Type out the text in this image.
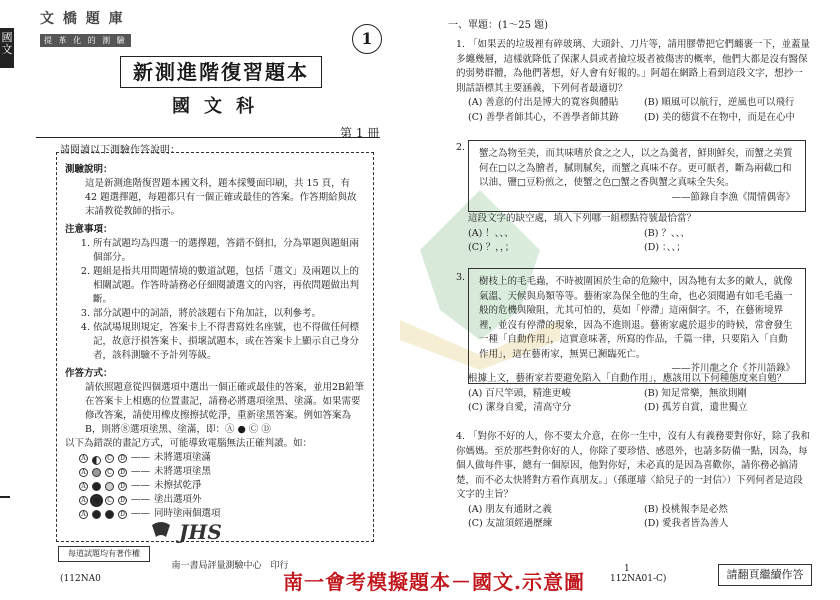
國文
文 橋 題 庫
提 革 化 的 測 驗	1
新測進階復習題本
國文科
第 1 冊
請閱讀以下測驗作答說明：

測驗說明：

這是新測進階復習題本國文科，題本採雙面印刷，共 15 頁，有 42 題選擇題，每題都只有一個正確或最佳的答案。作答期給與故末請教從教師的指示。

注意事項：

1. 所有試題均為四選一的選擇題，答錯不倒扣，分為單題與題組兩個部分。
2. 題組是指共用問題情境的數道試題，包括「選文」及兩題以上的相關試題。作答時請務必仔細閱讀選文的內容，再依問題做出判斷。
3. 部分試題中的詞語，將於該題右下角加註，以利參考。
4. 依試場規則規定，答案卡上不得書寫姓名座號，也不得做任何標記，故意汙損答案卡、損壞試題本，或在答案卡上顯示自己身分者，該科測驗不予計列等級。

作答方式：

請依照題意從四個選項中選出一個正確或最佳的答案，並用2B鉛筆在答案卡上相應的位置畫記，請務必將選項塗黑、塗滿。如果需要修改答案，請使用橡皮擦擦拭乾淨，重新塗黑答案。例如答案為B，則將⑧選項塗黑、塗滿，即：Ⓐ ● Ⓒ Ⓓ

以下為錯誤的畫記方式，可能導致電腦無法正確判讀。如：

A	C	D —— 未將選項塗滿
A	C	D —— 未將選項塗黑
A	D —— 未擦拭乾淨
A	C	D —— 塗出選項外
A	D —— 同時塗兩個選項
JHS
每道試題均有著作權
南一書局評量測驗中心　印行
一、單題：(1～25 題)
1. 「如果丟的垃圾裡有碎玻璃、大頭針、刀片等，請用膠帶把它們纏裹一下，並蓋量多纏幾層，這樣就降低了保潔人員或者撿垃圾者被傷害的概率，他們大都是沒有醫保的弱勢群體，為他們著想，好人會有好報的。」阿超在網路上看到這段文字，想抄一則話語標其主要涵義，下列何者最適切？
(A) 善意的付出是博大的寬容與體貼	(B) 順風可以航行，逆風也可以飛行
(C) 善學者師其心，不善學者師其跡	(D) 美的德賞不在物中，而是在心中
2.
蟹之為物至美，而其味嗜於食之之人，以之為羹者，鮮則鮮矣，而蟹之美質何在□以之為膾者，膩則膩矣，而蟹之真味不存。更可厭者，斷為兩截□和以油、鹽□豆粉煎之，使蟹之色□蟹之香與蟹之真味全失矣。
——節錄自李漁《閒情偶寄》
這段文字的缺空處，填入下列哪一組標點符號最恰當？
(A) ！、、、	(B) ？、、、
(C) ？，，；	(D) ：、、；
3. 樹枝上的毛毛蟲，不時被圍困於生命的危險中，因為牠有太多的敵人，就像氣溫、天候與鳥類等等。藝術家為保全他的生命，也必須閱過有如毛毛蟲一般的危機與險阻，尤其可怕的，莫如「停滯」這兩個字。不，在藝術境界裡，並沒有停滯的現象，因為不進則退。藝術家處於退步的時候，常會發生一種「自動作用」，這實意味著，所寫的作品，千篇一律，只要陷入「自動作用」，這在藝術家，無異已瀕臨死亡。
——芥川龍之介《芥川語錄》
根據上文，藝術家若要避免陷入「自動作用」，應該用以下何種態度來自勉？
(A) 百尺竿頭，精進更峻	(B) 知足常樂，無欲則剛
(C) 潔身自愛，清高守分	(D) 孤芳自賞，遺世獨立
4. 「對你不好的人，你不要太介意，在你一生中，沒有人有義務要對你好，除了我和你媽媽。至於那些對你好的人，你除了要珍惜、感恩外，也請多防備一點，因為，每個人做每件事，總有一個原因，他對你好，未必真的是因為喜歡你，請你務必搞清楚，而不必太快將對方看作真朋友。」（孫運璿〈給兒子的一封信〉）下列何者是這段文字的主旨？
(A) 朋友有通財之義	(B) 投桃報李是必然
(C) 友誼須經過歷練	(D) 愛我者皆為善人
(112NA0
1
112NA01-C)
南一會考模擬題本－國文.示意圖	請翻頁繼續作答
